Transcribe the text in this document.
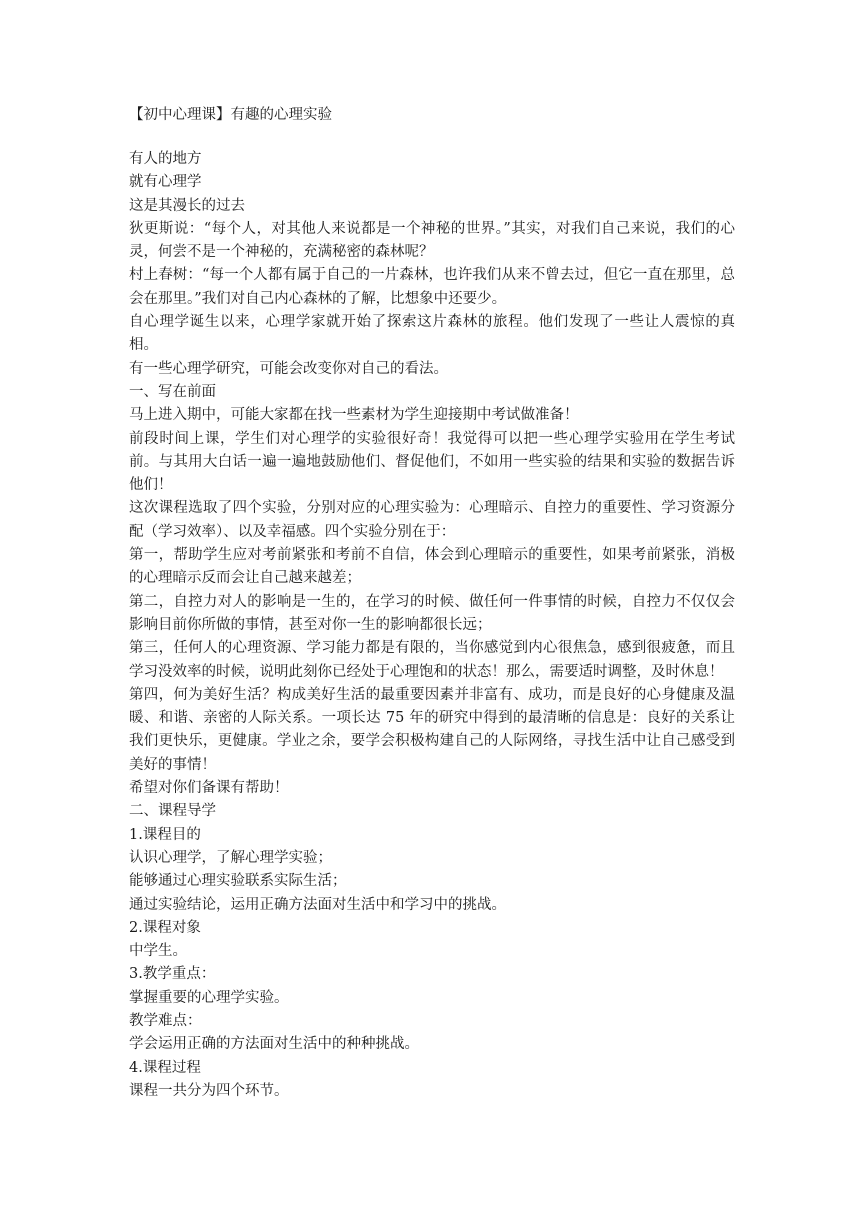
【初中心理课】有趣的心理实验

有人的地方

就有心理学

这是其漫长的过去

狄更斯说：“每个人，对其他人来说都是一个神秘的世界。”其实，对我们自己来说，我们的心灵，何尝不是一个神秘的，充满秘密的森林呢？

村上春树：“每一个人都有属于自己的一片森林，也许我们从来不曾去过，但它一直在那里，总会在那里。”我们对自己内心森林的了解，比想象中还要少。

自心理学诞生以来，心理学家就开始了探索这片森林的旅程。他们发现了一些让人震惊的真相。

有一些心理学研究，可能会改变你对自己的看法。

一、写在前面

马上进入期中，可能大家都在找一些素材为学生迎接期中考试做准备！

前段时间上课，学生们对心理学的实验很好奇！我觉得可以把一些心理学实验用在学生考试前。与其用大白话一遍一遍地鼓励他们、督促他们，不如用一些实验的结果和实验的数据告诉他们！

这次课程选取了四个实验，分别对应的心理实验为：心理暗示、自控力的重要性、学习资源分配（学习效率）、以及幸福感。四个实验分别在于：

第一，帮助学生应对考前紧张和考前不自信，体会到心理暗示的重要性，如果考前紧张，消极的心理暗示反而会让自己越来越差；

第二，自控力对人的影响是一生的，在学习的时候、做任何一件事情的时候，自控力不仅仅会影响目前你所做的事情，甚至对你一生的影响都很长远；

第三，任何人的心理资源、学习能力都是有限的，当你感觉到内心很焦急，感到很疲惫，而且学习没效率的时候，说明此刻你已经处于心理饱和的状态！那么，需要适时调整，及时休息！

第四，何为美好生活？构成美好生活的最重要因素并非富有、成功，而是良好的心身健康及温暖、和谐、亲密的人际关系。一项长达 75 年的研究中得到的最清晰的信息是：良好的关系让我们更快乐，更健康。学业之余，要学会积极构建自己的人际网络，寻找生活中让自己感受到美好的事情！

希望对你们备课有帮助！

二、课程导学

1.课程目的

认识心理学，了解心理学实验；

能够通过心理实验联系实际生活；

通过实验结论，运用正确方法面对生活中和学习中的挑战。

2.课程对象

中学生。

3.教学重点：

掌握重要的心理学实验。

教学难点：

学会运用正确的方法面对生活中的种种挑战。

4.课程过程

课程一共分为四个环节。
